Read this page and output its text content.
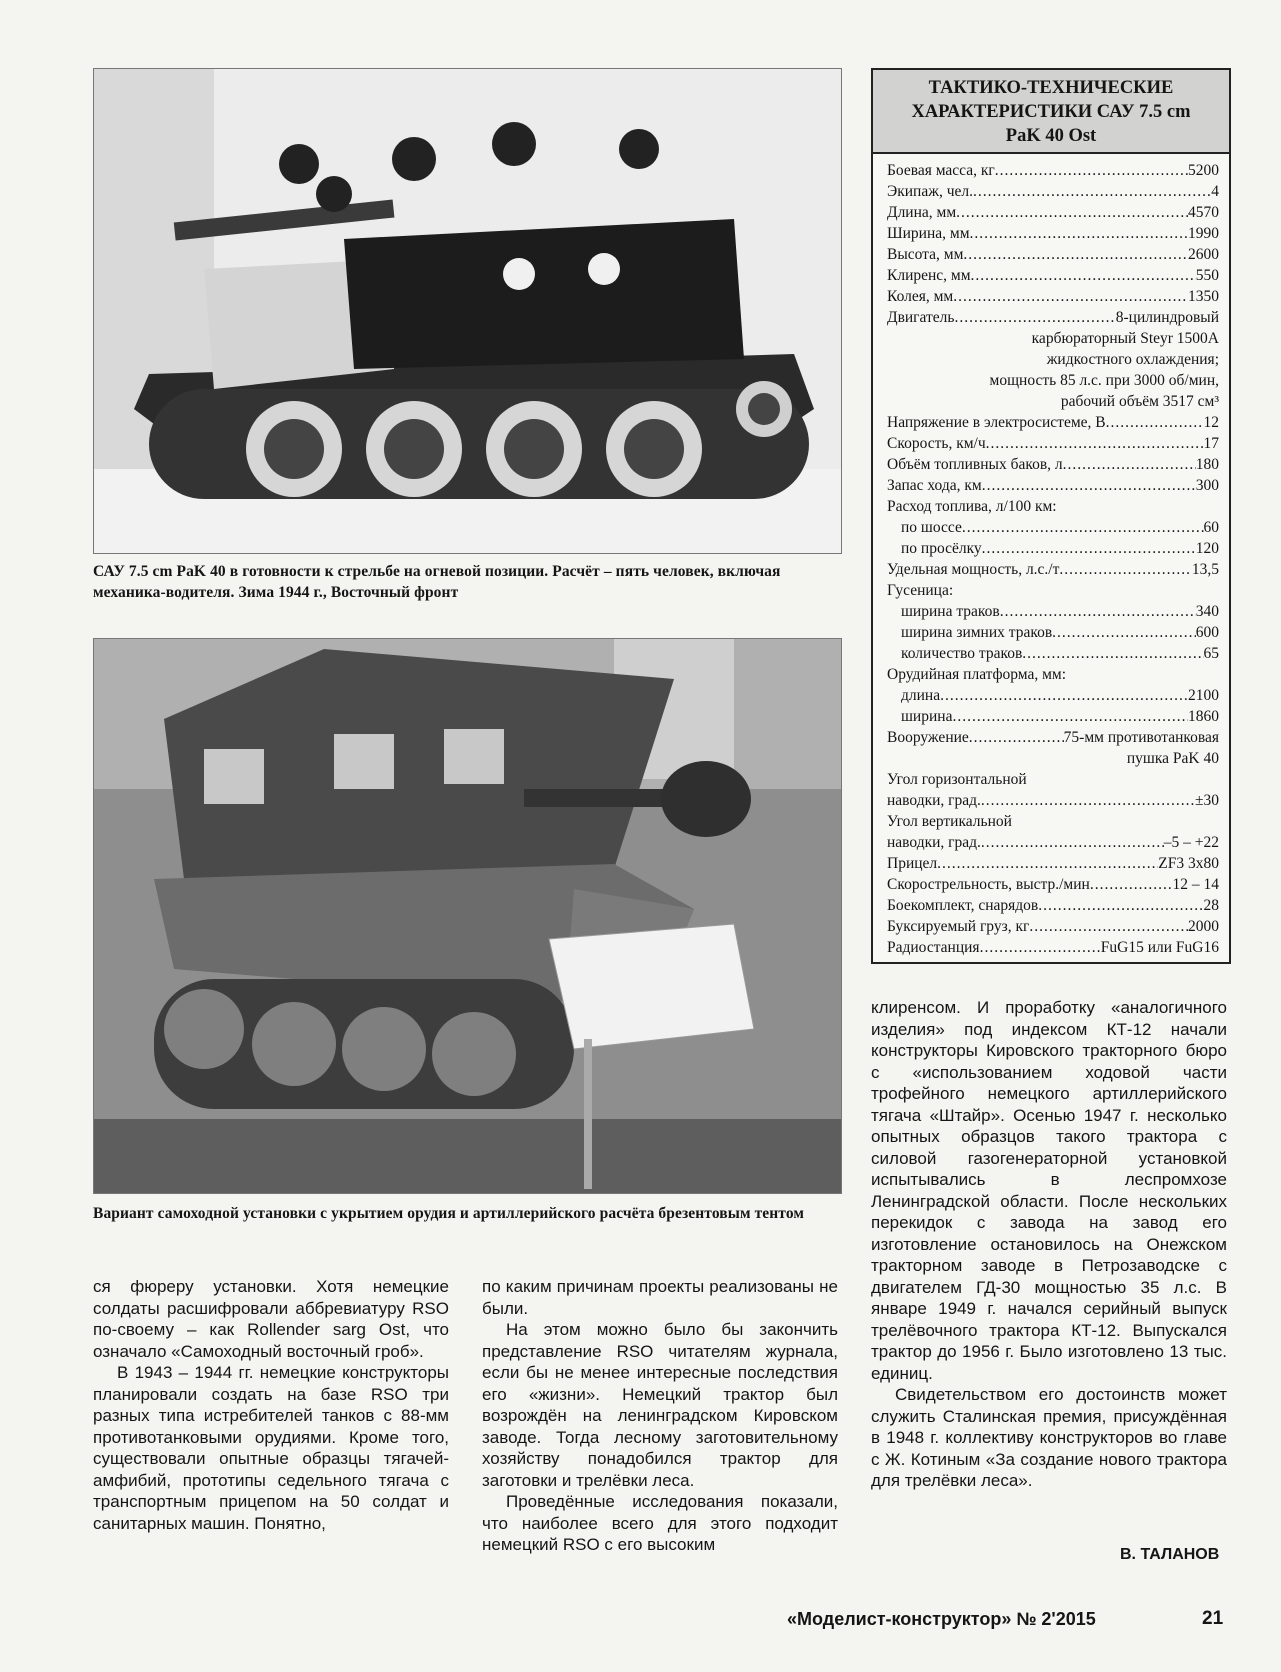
САУ 7.5 cm PaK 40 в готовности к стрельбе на огневой позиции. Расчёт – пять человек, включая механика-водителя. Зима 1944 г., Восточный фронт
Вариант самоходной установки с укрытием орудия и артиллерийского расчёта брезентовым тентом
ТАКТИКО-ТЕХНИЧЕСКИЕ
ХАРАКТЕРИСТИКИ САУ 7.5 cm
PaK 40 Ost
Боевая масса, кг .....	5200
Экипаж, чел. .....	4
Длина, мм .....	4570
Ширина, мм .....	1990
Высота, мм .....	2600
Клиренс, мм .....	550
Колея, мм .....	1350
Двигатель .....	8-цилиндровый
карбюраторный Steyr 1500A
жидкостного охлаждения;
мощность 85 л.с. при 3000 об/мин,
рабочий объём 3517 см³
Напряжение в электросистеме, В .....	12
Скорость, км/ч .....	17
Объём топливных баков, л .....	180
Запас хода, км .....	300
Расход топлива, л/100 км:
по шоссе .....	60
по просёлку .....	120
Удельная мощность, л.с./т .....	13,5
Гусеница:
ширина траков .....	340
ширина зимних траков .....	600
количество траков .....	65
Орудийная платформа, мм:
длина .....	2100
ширина .....	1860
Вооружение .....	75-мм противотанковая
пушка PaK 40
Угол горизонтальной
наводки, град. .....	±30
Угол вертикальной
наводки, град. .....	–5 – +22
Прицел .....	ZF3 3x80
Скорострельность, выстр./мин .....	12 – 14
Боекомплект, снарядов .....	28
Буксируемый груз, кг .....	2000
Радиостанция .....	FuG15 или FuG16

ся фюреру установки. Хотя немецкие солдаты расшифровали аббревиатуру RSO по-своему – как Rollender sarg Ost, что означало «Самоходный восточный гроб».

В 1943 – 1944 гг. немецкие конструкторы планировали создать на базе RSO три разных типа истребителей танков с 88-мм противотанковыми орудиями. Кроме того, существовали опытные образцы тягачей- амфибий, прототипы седельного тягача с транспортным прицепом на 50 солдат и санитарных машин. Понятно,

по каким причинам проекты реализованы не были.

На этом можно было бы закончить представление RSO читателям журнала, если бы не менее интересные последствия его «жизни». Немецкий трактор был возрождён на ленинградском Кировском заводе. Тогда лесному заготовительному хозяйству понадобился трактор для заготовки и трелёвки леса.

Проведённые исследования показали, что наиболее всего для этого подходит немецкий RSO с его высоким

клиренсом. И проработку «аналогичного изделия» под индексом КТ-12 начали конструкторы Кировского тракторного бюро с «использованием ходовой части трофейного немецкого артиллерийского тягача «Штайр». Осенью 1947 г. несколько опытных образцов такого трактора с силовой газогенераторной установкой испытывались в леспромхозе Ленинградской области. После нескольких перекидок с завода на завод его изготовление остановилось на Онежском тракторном заводе в Петрозаводске с двигателем ГД-30 мощностью 35 л.с. В январе 1949 г. начался серийный выпуск трелёвочного трактора КТ-12. Выпускался трактор до 1956 г. Было изготовлено 13 тыс. единиц.

Свидетельством его достоинств может служить Сталинская премия, присуждённая в 1948 г. коллективу конструкторов во главе с Ж. Котиным «За создание нового трактора для трелёвки леса».

В. ТАЛАНОВ
«Моделист-конструктор» № 2'2015	21
